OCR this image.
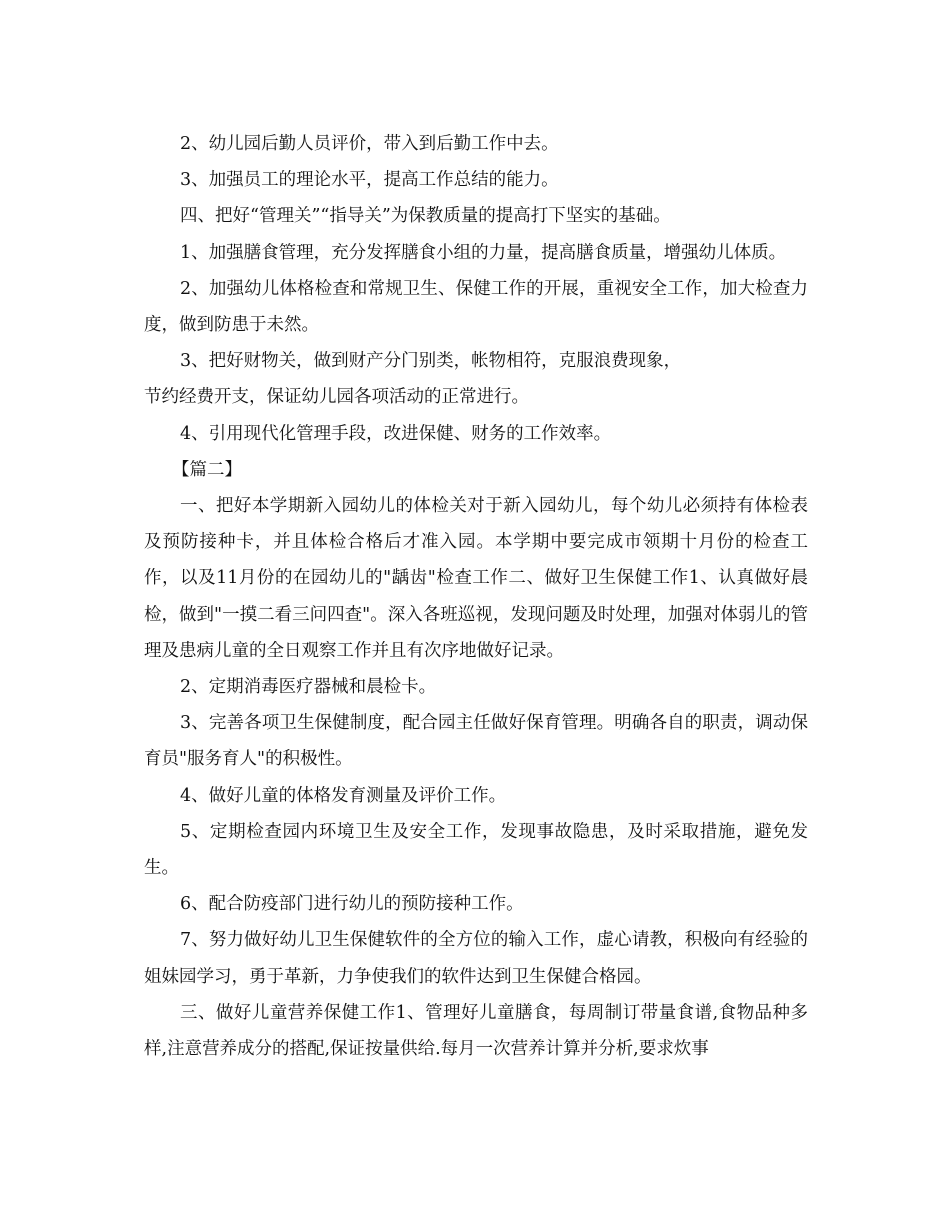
2、幼儿园后勤人员评价，带入到后勤工作中去。

3、加强员工的理论水平，提高工作总结的能力。

四、把好“管理关”“指导关”为保教质量的提高打下坚实的基础。

1、加强膳食管理，充分发挥膳食小组的力量，提高膳食质量，增强幼儿体质。

2、加强幼儿体格检查和常规卫生、保健工作的开展，重视安全工作，加大检查力度，做到防患于未然。

3、把好财物关，做到财产分门别类，帐物相符，克服浪费现象，

节约经费开支，保证幼儿园各项活动的正常进行。

4、引用现代化管理手段，改进保健、财务的工作效率。

【篇二】

一、把好本学期新入园幼儿的体检关对于新入园幼儿，每个幼儿必须持有体检表及预防接种卡，并且体检合格后才准入园。本学期中要完成市领期十月份的检查工作，以及11月份的在园幼儿的"龋齿"检查工作二、做好卫生保健工作1、认真做好晨检，做到"一摸二看三问四查"。深入各班巡视，发现问题及时处理，加强对体弱儿的管理及患病儿童的全日观察工作并且有次序地做好记录。

2、定期消毒医疗器械和晨检卡。

3、完善各项卫生保健制度，配合园主任做好保育管理。明确各自的职责，调动保育员"服务育人"的积极性。

4、做好儿童的体格发育测量及评价工作。

5、定期检查园内环境卫生及安全工作，发现事故隐患，及时采取措施，避免发生。

6、配合防疫部门进行幼儿的预防接种工作。

7、努力做好幼儿卫生保健软件的全方位的输入工作，虚心请教，积极向有经验的姐妹园学习，勇于革新，力争使我们的软件达到卫生保健合格园。

三、做好儿童营养保健工作1、管理好儿童膳食，每周制订带量食谱,食物品种多样,注意营养成分的搭配,保证按量供给.每月一次营养计算并分析,要求炊事
